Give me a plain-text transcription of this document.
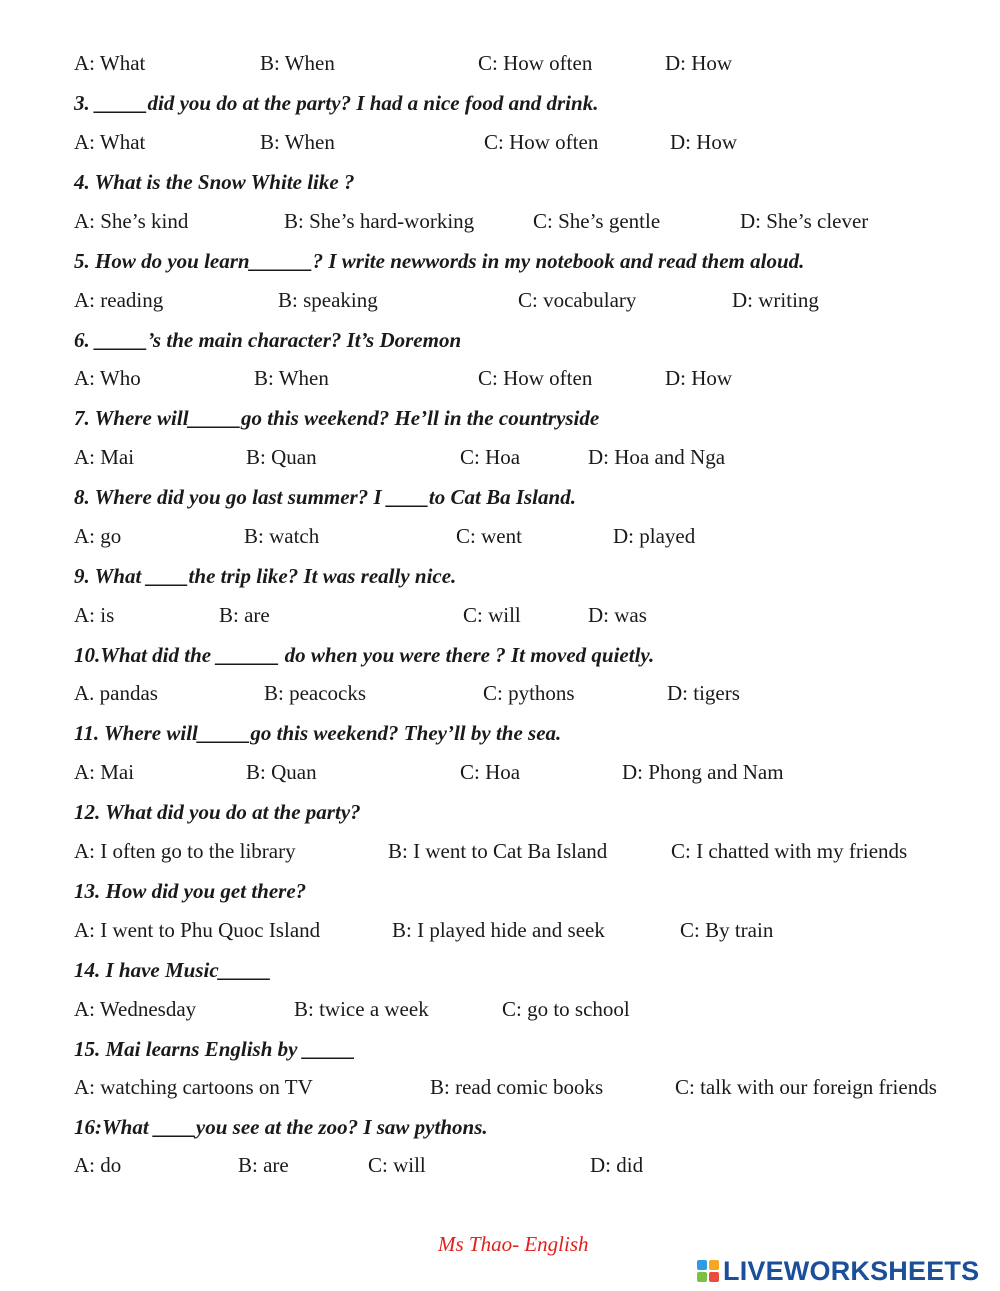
A: What	B: When	C: How often	D: How
3. _____did you do at the party? I had a nice food and drink.
A: What	B: When	C: How often	D: How
4. What is the Snow White like ?
A: She’s kind	B: She’s hard-working	C: She’s gentle	D: She’s clever
5. How do you learn______? I write newwords in my notebook and read them aloud.
A: reading	B: speaking	C: vocabulary	D: writing
6. _____’s the main character? It’s Doremon
A: Who	B: When	C: How often	D: How
7. Where will_____go this weekend? He’ll in the countryside
A: Mai	B: Quan	C: Hoa	D: Hoa and Nga
8. Where did you go last summer? I ____to Cat Ba Island.
A: go	B: watch	C: went	D: played
9. What ____the trip like? It was really nice.
A: is	B: are	C: will	D: was
10.What did the ______ do when you were there ? It moved quietly.
A. pandas	B: peacocks	C: pythons	D: tigers
11. Where will_____go this weekend? They’ll by the sea.
A: Mai	B: Quan	C: Hoa	D: Phong and Nam
12. What did you do at the party?
A: I often go to the library	B: I went to Cat Ba Island	C: I chatted with my friends
13. How did you get there?
A: I went to Phu Quoc Island	B: I played hide and seek	C: By train
14. I have Music_____
A: Wednesday	B: twice a week	C: go to school
15. Mai learns English by _____
A: watching cartoons on TV	B: read comic books	C: talk with our foreign friends
16:What ____you see at the zoo? I saw pythons.
A: do	B: are	C: will	D: did
Ms Thao- English
LIVEWORKSHEETS
